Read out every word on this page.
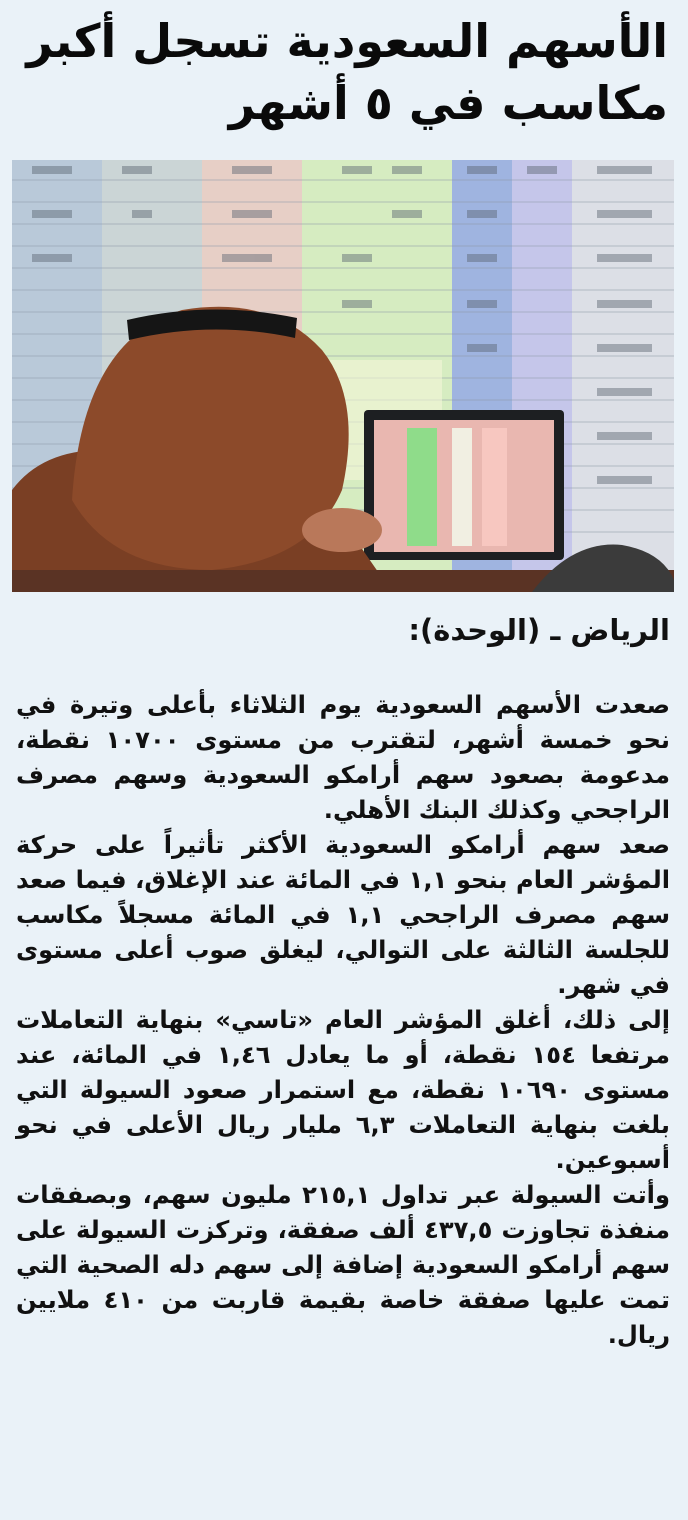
الأسهم السعودية تسجل أكبر مكاسب في ٥ أشهر
الرياض ـ (الوحدة):

صعدت الأسهم السعودية يوم الثلاثاء بأعلى وتيرة في نحو خمسة أشهر، لتقترب من مستوى ١٠٧٠٠ نقطة، مدعومة بصعود سهم أرامكو السعودية وسهم مصرف الراجحي وكذلك البنك الأهلي.

صعد سهم أرامكو السعودية الأكثر تأثيراً على حركة المؤشر العام بنحو ١,١ في المائة عند الإغلاق، فيما صعد سهم مصرف الراجحي ١,١ في المائة مسجلاً مكاسب للجلسة الثالثة على التوالي، ليغلق صوب أعلى مستوى في شهر.

إلى ذلك، أغلق المؤشر العام «تاسي» بنهاية التعاملات مرتفعا ١٥٤ نقطة، أو ما يعادل ١,٤٦ في المائة، عند مستوى ١٠٦٩٠ نقطة، مع استمرار صعود السيولة التي بلغت بنهاية التعاملات ٦,٣ مليار ريال الأعلى في نحو أسبوعين.

وأتت السيولة عبر تداول ٢١٥,١ مليون سهم، وبصفقات منفذة تجاوزت ٤٣٧,٥ ألف صفقة، وتركزت السيولة على سهم أرامكو السعودية إضافة إلى سهم دله الصحية التي تمت عليها صفقة خاصة بقيمة قاربت من ٤١٠ ملايين ريال.
